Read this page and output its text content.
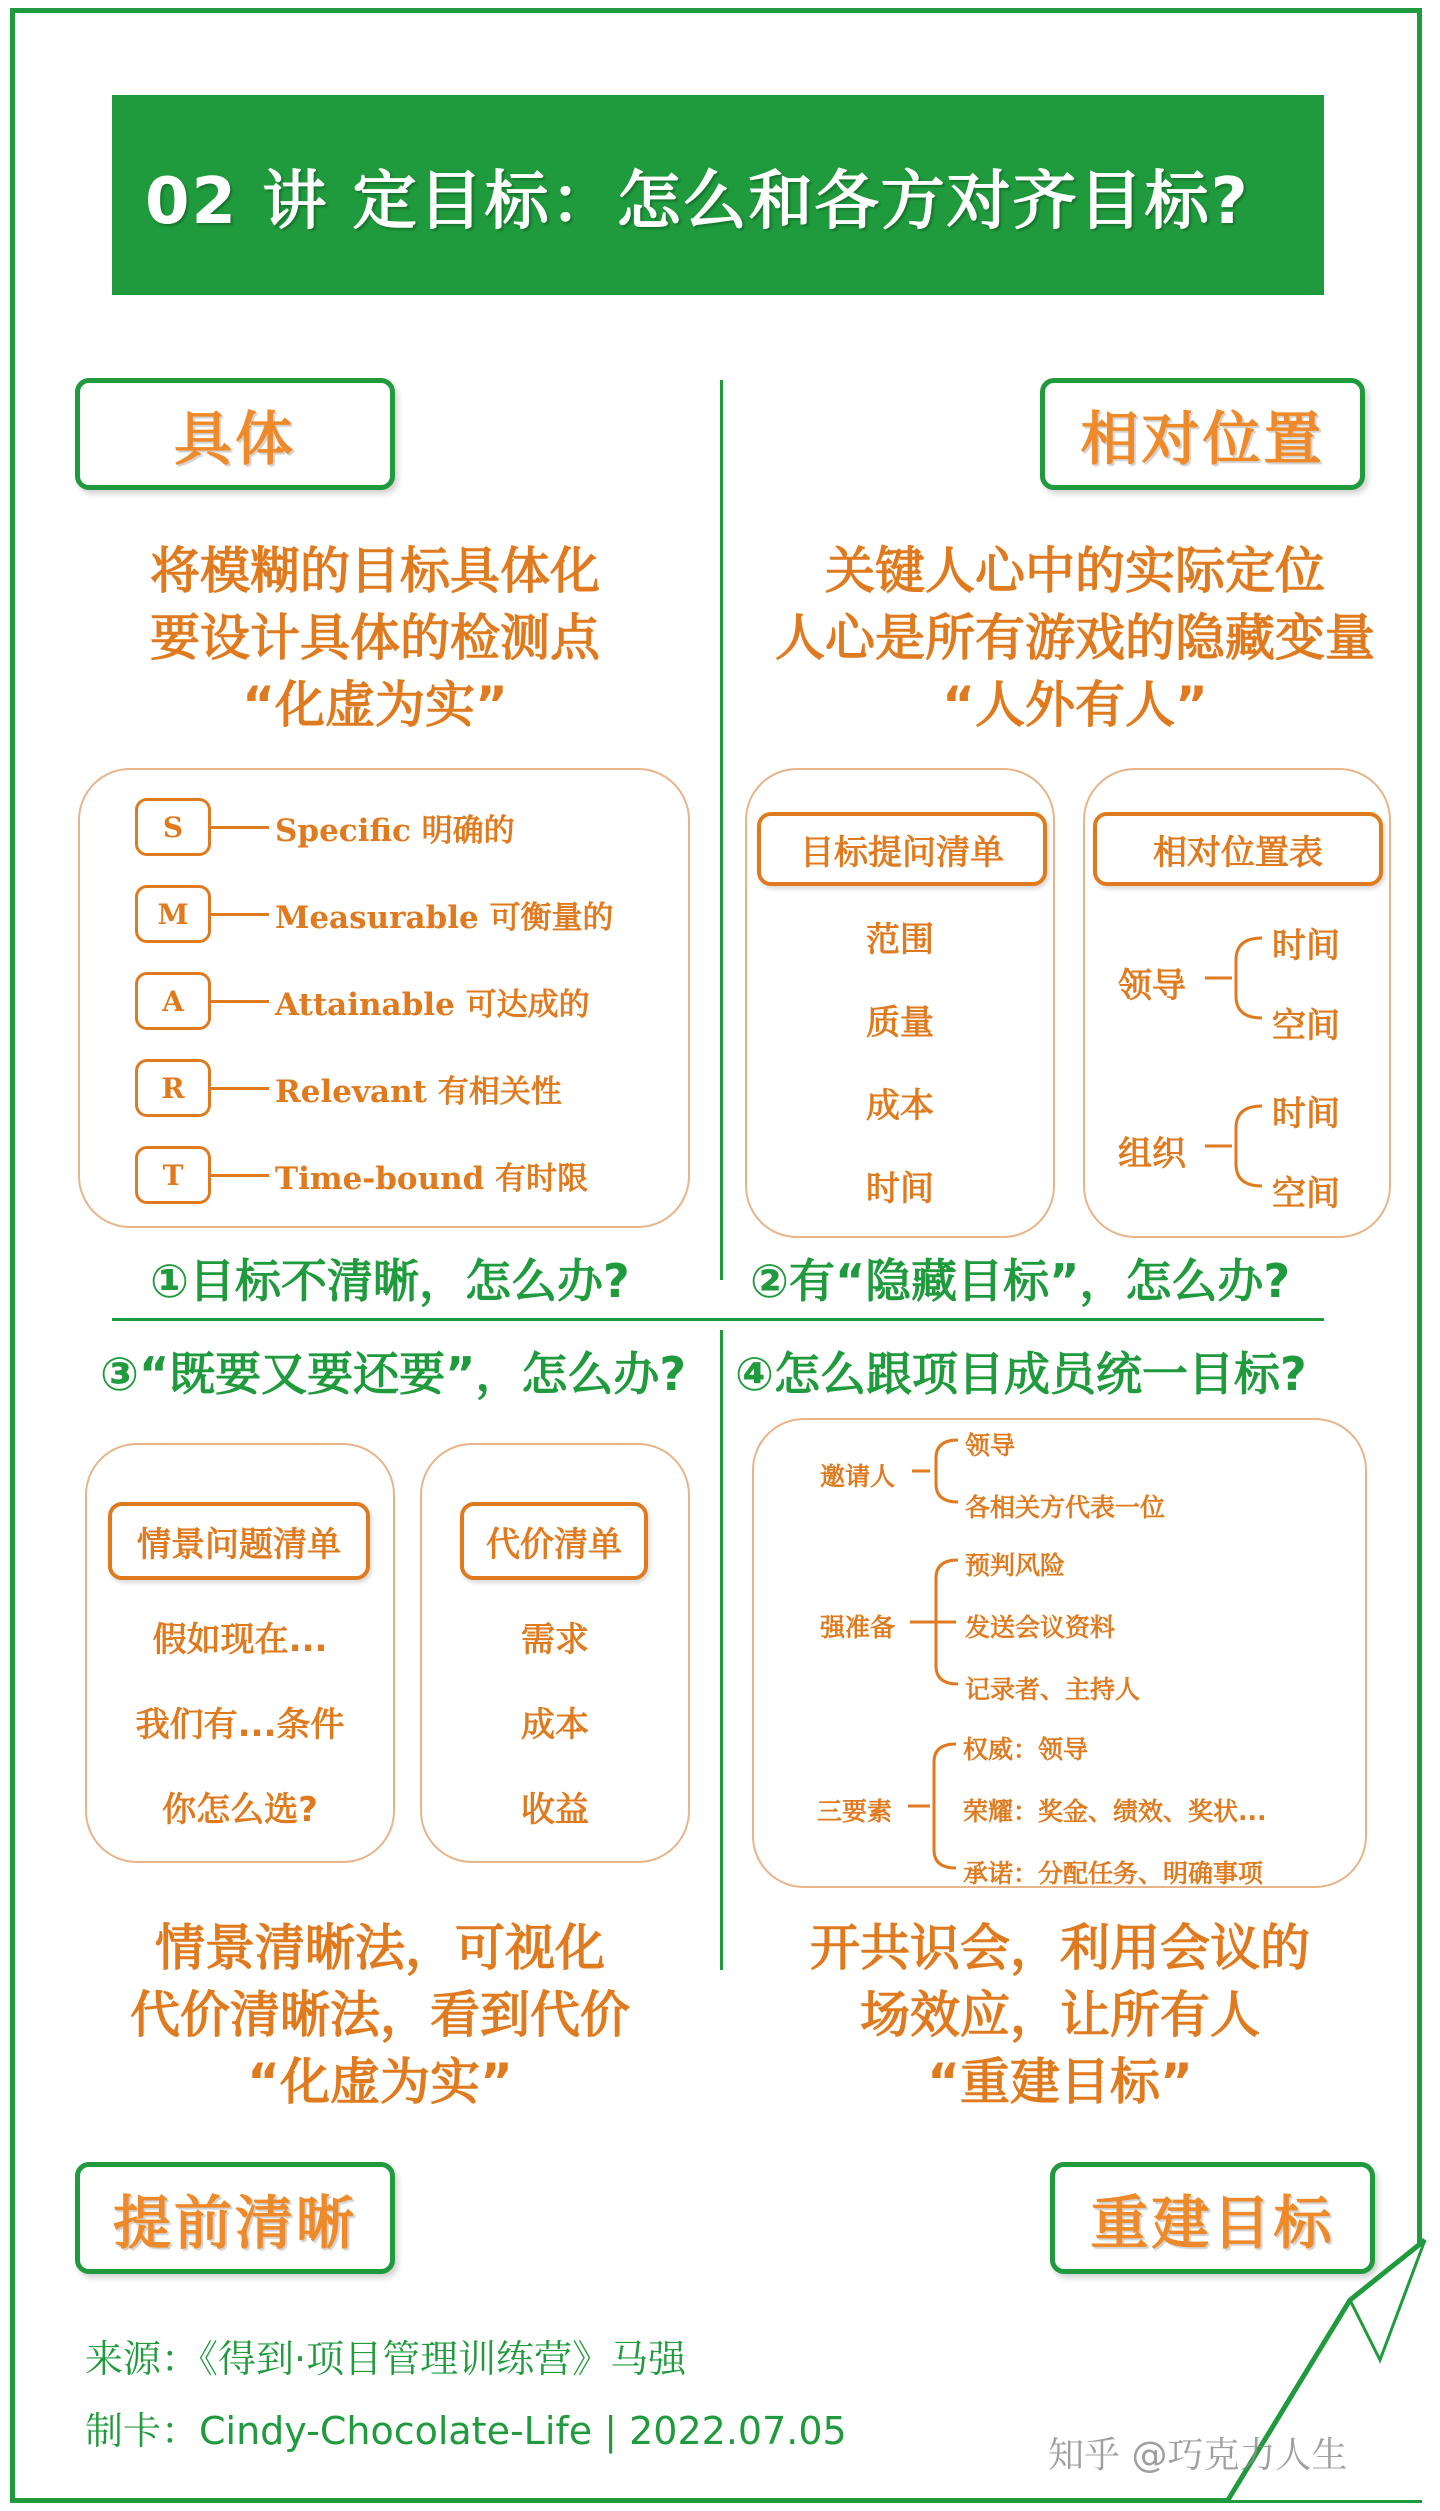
02 讲 定目标：怎么和各方对齐目标?
具体	相对位置
提前清晰	重建目标
将模糊的目标具体化
要设计具体的检测点
“化虚为实”
关键人心中的实际定位
人心是所有游戏的隐藏变量
“人外有人”
S	Specific 明确的
M	Measurable 可衡量的
A	Attainable 可达成的
R	Relevant 有相关性
T	Time-bound 有时限
目标提问清单
范围
质量
成本
时间
相对位置表
领导
时间
空间
组织
时间
空间
①目标不清晰，怎么办?	②有“隐藏目标”，怎么办?
③“既要又要还要”，怎么办? ④怎么跟项目成员统一目标?
情景问题清单
假如现在...
我们有...条件
你怎么选?
代价清单
需求
成本
收益
邀请人
领导
各相关方代表一位
强准备
预判风险
发送会议资料
记录者、主持人
三要素
权威：领导
荣耀：奖金、绩效、奖状...
承诺：分配任务、明确事项
情景清晰法，可视化
代价清晰法，看到代价
“化虚为实”
开共识会，利用会议的
场效应，让所有人
“重建目标”
来源：《得到·项目管理训练营》马强
制卡：Cindy-Chocolate-Life | 2022.07.05
知乎 @巧克力人生
